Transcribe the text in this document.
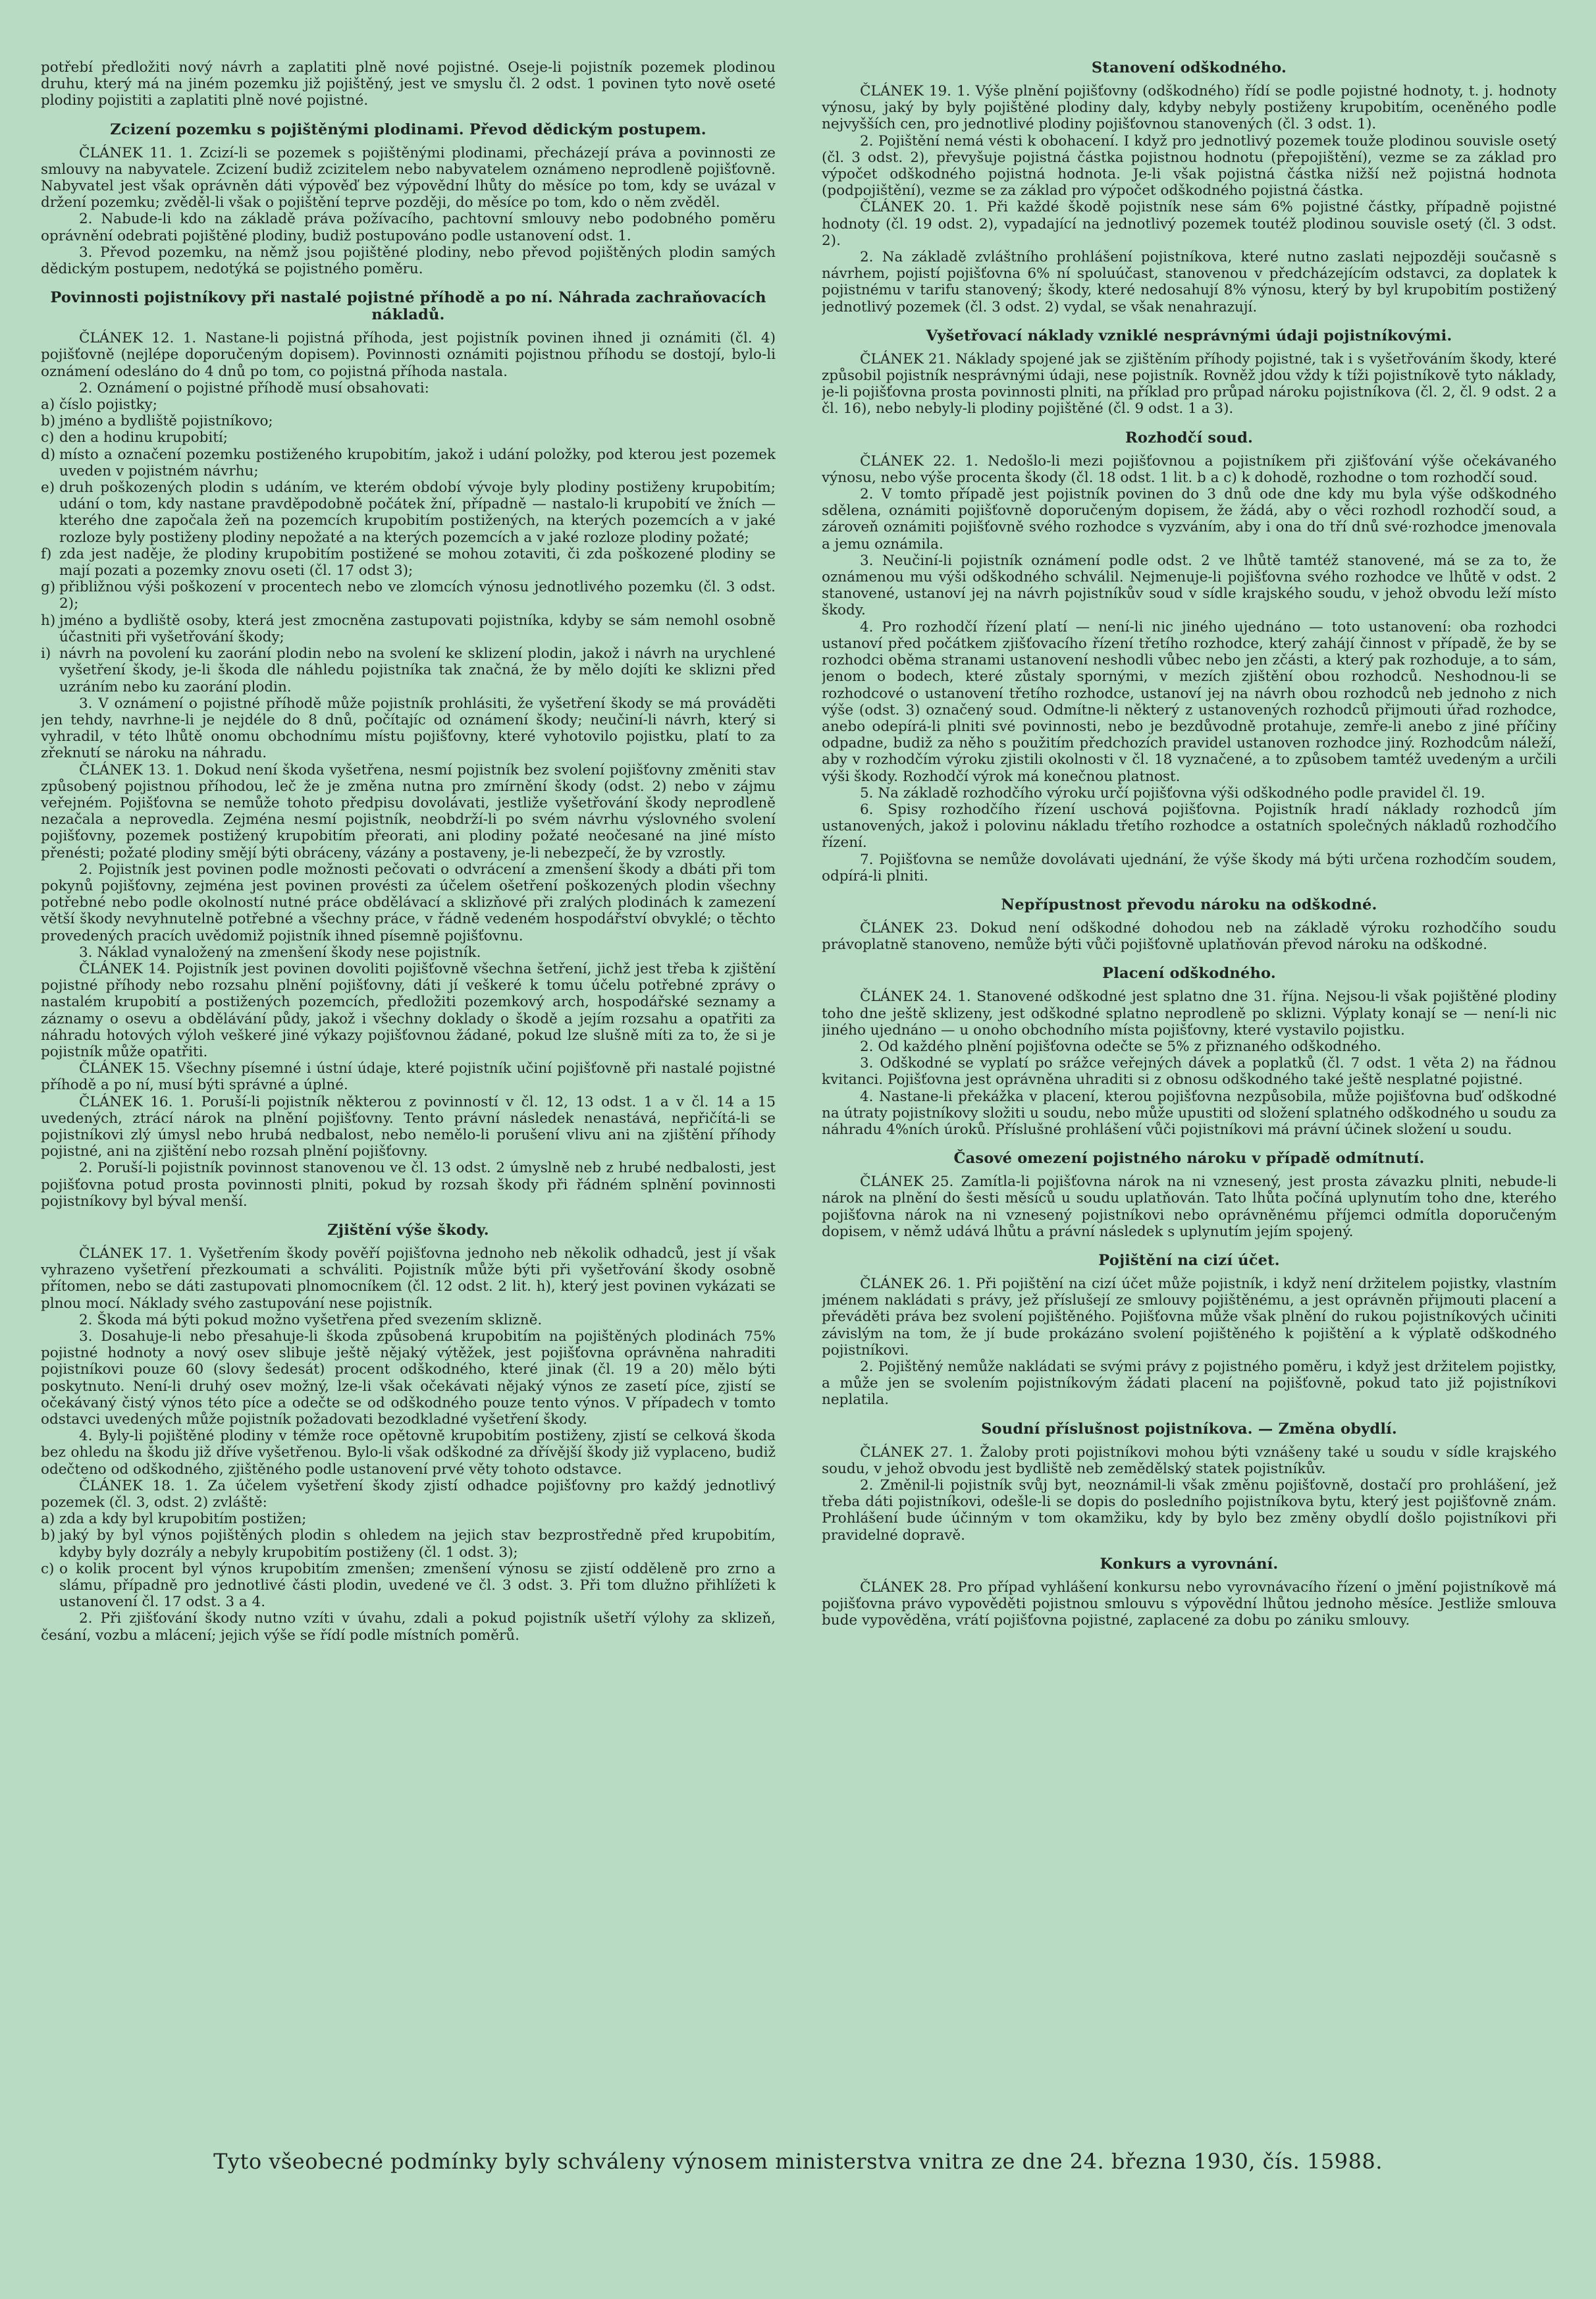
potřebí předložiti nový návrh a zaplatiti plně nové pojistné. Oseje-li pojistník pozemek plodinou druhu, který má na jiném pozemku již pojištěný, jest ve smyslu čl. 2 odst. 1 povinen tyto nově oseté plodiny pojistiti a zaplatiti plně nové pojistné.

Zcizení pozemku s pojištěnými plodinami. Převod dědickým postupem.

ČLÁNEK 11. 1. Zcizí-li se pozemek s pojištěnými plodinami, přecházejí práva a povinnosti ze smlouvy na nabyvatele. Zcizení budiž zcizitelem nebo nabyvatelem oznámeno neprodleně pojišťovně. Nabyvatel jest však oprávněn dáti výpověď bez výpovědní lhůty do měsíce po tom, kdy se uvázal v držení pozemku; zvěděl-li však o pojištění teprve později, do měsíce po tom, kdo o něm zvěděl.

2. Nabude-li kdo na základě práva požívacího, pachtovní smlouvy nebo podobného poměru oprávnění odebrati pojištěné plodiny, budiž postupováno podle ustanovení odst. 1.

3. Převod pozemku, na němž jsou pojištěné plodiny, nebo převod pojištěných plodin samých dědickým postupem, nedotýká se pojistného poměru.

Povinnosti pojistníkovy při nastalé pojistné příhodě a po ní. Náhrada zachraňovacích nákladů.

ČLÁNEK 12. 1. Nastane-li pojistná příhoda, jest pojistník povinen ihned ji oznámiti (čl. 4) pojišťovně (nejlépe doporučeným dopisem). Povinnosti oznámiti pojistnou příhodu se dostojí, bylo-li oznámení odesláno do 4 dnů po tom, co pojistná příhoda nastala.

2. Oznámení o pojistné příhodě musí obsahovati:

a) číslo pojistky;

b) jméno a bydliště pojistníkovo;

c) den a hodinu krupobití;

d) místo a označení pozemku postiženého krupobitím, jakož i udání položky, pod kterou jest pozemek uveden v pojistném návrhu;

e) druh poškozených plodin s udáním, ve kterém období vývoje byly plodiny postiženy krupobitím; udání o tom, kdy nastane pravděpodobně počátek žní, případně — nastalo-li krupobití ve žních — kterého dne započala žeň na pozemcích krupobitím postižených, na kterých pozemcích a v jaké rozloze byly postiženy plodiny nepožaté a na kterých pozemcích a v jaké rozloze plodiny požaté;

f) zda jest naděje, že plodiny krupobitím postižené se mohou zotaviti, či zda poškozené plodiny se mají pozati a pozemky znovu oseti (čl. 17 odst 3);

g) přibližnou výši poškození v procentech nebo ve zlomcích výnosu jednotlivého pozemku (čl. 3 odst. 2);

h) jméno a bydliště osoby, která jest zmocněna zastupovati pojistníka, kdyby se sám nemohl osobně účastniti při vyšetřování škody;

i) návrh na povolení ku zaorání plodin nebo na svolení ke sklizení plodin, jakož i návrh na urychlené vyšetření škody, je-li škoda dle náhledu pojistníka tak značná, že by mělo dojíti ke sklizni před uzráním nebo ku zaorání plodin.

3. V oznámení o pojistné příhodě může pojistník prohlásiti, že vyšetření škody se má prováděti jen tehdy, navrhne-li je nejdéle do 8 dnů, počítajíc od oznámení škody; neučiní-li návrh, který si vyhradil, v této lhůtě onomu obchodnímu místu pojišťovny, které vyhotovilo pojistku, platí to za zřeknutí se nároku na náhradu.

ČLÁNEK 13. 1. Dokud není škoda vyšetřena, nesmí pojistník bez svolení pojišťovny změniti stav způsobený pojistnou příhodou, leč že je změna nutna pro zmírnění škody (odst. 2) nebo v zájmu veřejném. Pojišťovna se nemůže tohoto předpisu dovolávati, jestliže vyšetřování škody neprodleně nezačala a neprovedla. Zejména nesmí pojistník, neobdrží-li po svém návrhu výslovného svolení pojišťovny, pozemek postižený krupobitím přeorati, ani plodiny požaté neočesané na jiné místo přenésti; požaté plodiny smějí býti obráceny, vázány a postaveny, je-li nebezpečí, že by vzrostly.

2. Pojistník jest povinen podle možnosti pečovati o odvrácení a zmenšení škody a dbáti při tom pokynů pojišťovny, zejména jest povinen provésti za účelem ošetření poškozených plodin všechny potřebné nebo podle okolností nutné práce obdělávací a sklizňové při zralých plodinách k zamezení větší škody nevyhnutelně potřebné a všechny práce, v řádně vedeném hospodářství obvyklé; o těchto provedených pracích uvědomiž pojistník ihned písemně pojišťovnu.

3. Náklad vynaložený na zmenšení škody nese pojistník.

ČLÁNEK 14. Pojistník jest povinen dovoliti pojišťovně všechna šetření, jichž jest třeba k zjištění pojistné příhody nebo rozsahu plnění pojišťovny, dáti jí veškeré k tomu účelu potřebné zprávy o nastalém krupobití a postižených pozemcích, předložiti pozemkový arch, hospodářské seznamy a záznamy o osevu a obdělávání půdy, jakož i všechny doklady o škodě a jejím rozsahu a opatřiti za náhradu hotových výloh veškeré jiné výkazy pojišťovnou žádané, pokud lze slušně míti za to, že si je pojistník může opatřiti.

ČLÁNEK 15. Všechny písemné i ústní údaje, které pojistník učiní pojišťovně při nastalé pojistné příhodě a po ní, musí býti správné a úplné.

ČLÁNEK 16. 1. Poruší-li pojistník některou z povinností v čl. 12, 13 odst. 1 a v čl. 14 a 15 uvedených, ztrácí nárok na plnění pojišťovny. Tento právní následek nenastává, nepřičítá-li se pojistníkovi zlý úmysl nebo hrubá nedbalost, nebo nemělo-li porušení vlivu ani na zjištění příhody pojistné, ani na zjištění nebo rozsah plnění pojišťovny.

2. Poruší-li pojistník povinnost stanovenou ve čl. 13 odst. 2 úmyslně neb z hrubé nedbalosti, jest pojišťovna potud prosta povinnosti plniti, pokud by rozsah škody při řádném splnění povinnosti pojistníkovy byl býval menší.

Zjištění výše škody.

ČLÁNEK 17. 1. Vyšetřením škody pověří pojišťovna jednoho neb několik odhadců, jest jí však vyhrazeno vyšetření přezkoumati a schváliti. Pojistník může býti při vyšetřování škody osobně přítomen, nebo se dáti zastupovati plnomocníkem (čl. 12 odst. 2 lit. h), který jest povinen vykázati se plnou mocí. Náklady svého zastupování nese pojistník.

2. Škoda má býti pokud možno vyšetřena před svezením sklizně.

3. Dosahuje-li nebo přesahuje-li škoda způsobená krupobitím na pojištěných plodinách 75% pojistné hodnoty a nový osev slibuje ještě nějaký výtěžek, jest pojišťovna oprávněna nahraditi pojistníkovi pouze 60 (slovy šedesát) procent odškodného, které jinak (čl. 19 a 20) mělo býti poskytnuto. Není-li druhý osev možný, lze-li však očekávati nějaký výnos ze zasetí píce, zjistí se očekávaný čistý výnos této píce a odečte se od odškodného pouze tento výnos. V případech v tomto odstavci uvedených může pojistník požadovati bezodkladné vyšetření škody.

4. Byly-li pojištěné plodiny v témže roce opětovně krupobitím postiženy, zjistí se celková škoda bez ohledu na škodu již dříve vyšetřenou. Bylo-li však odškodné za dřívější škody již vyplaceno, budiž odečteno od odškodného, zjištěného podle ustanovení prvé věty tohoto odstavce.

ČLÁNEK 18. 1. Za účelem vyšetření škody zjistí odhadce pojišťovny pro každý jednotlivý pozemek (čl. 3, odst. 2) zvláště:

a) zda a kdy byl krupobitím postižen;

b) jaký by byl výnos pojištěných plodin s ohledem na jejich stav bezprostředně před krupobitím, kdyby byly dozrály a nebyly krupobitím postiženy (čl. 1 odst. 3);

c) o kolik procent byl výnos krupobitím zmenšen; zmenšení výnosu se zjistí odděleně pro zrno a slámu, případně pro jednotlivé části plodin, uvedené ve čl. 3 odst. 3. Při tom dlužno přihlížeti k ustanovení čl. 17 odst. 3 a 4.

2. Při zjišťování škody nutno vzíti v úvahu, zdali a pokud pojistník ušetří výlohy za sklizeň, česání, vozbu a mlácení; jejich výše se řídí podle místních poměrů.

Stanovení odškodného.

ČLÁNEK 19. 1. Výše plnění pojišťovny (odškodného) řídí se podle pojistné hodnoty, t. j. hodnoty výnosu, jaký by byly pojištěné plodiny daly, kdyby nebyly postiženy krupobitím, oceněného podle nejvyšších cen, pro jednotlivé plodiny pojišťovnou stanovených (čl. 3 odst. 1).

2. Pojištění nemá vésti k obohacení. I když pro jednotlivý pozemek touže plodinou souvisle osetý (čl. 3 odst. 2), převyšuje pojistná částka pojistnou hodnotu (přepojištění), vezme se za základ pro výpočet odškodného pojistná hodnota. Je-li však pojistná částka nižší než pojistná hodnota (podpojištění), vezme se za základ pro výpočet odškodného pojistná částka.

ČLÁNEK 20. 1. Při každé škodě pojistník nese sám 6% pojistné částky, případně pojistné hodnoty (čl. 19 odst. 2), vypadající na jednotlivý pozemek toutéž plodinou souvisle osetý (čl. 3 odst. 2).

2. Na základě zvláštního prohlášení pojistníkova, které nutno zaslati nejpozději současně s návrhem, pojistí pojišťovna 6% ní spoluúčast, stanovenou v předcházejícím odstavci, za doplatek k pojistnému v tarifu stanovený; škody, které nedosahují 8% výnosu, který by byl krupobitím postižený jednotlivý pozemek (čl. 3 odst. 2) vydal, se však nenahrazují.

Vyšetřovací náklady vzniklé nesprávnými údaji pojistníkovými.

ČLÁNEK 21. Náklady spojené jak se zjištěním příhody pojistné, tak i s vyšetřováním škody, které způsobil pojistník nesprávnými údaji, nese pojistník. Rovněž jdou vždy k tíži pojistníkově tyto náklady, je-li pojišťovna prosta povinnosti plniti, na příklad pro průpad nároku pojistníkova (čl. 2, čl. 9 odst. 2 a čl. 16), nebo nebyly-li plodiny pojištěné (čl. 9 odst. 1 a 3).

Rozhodčí soud.

ČLÁNEK 22. 1. Nedošlo-li mezi pojišťovnou a pojistníkem při zjišťování výše očekávaného výnosu, nebo výše procenta škody (čl. 18 odst. 1 lit. b a c) k dohodě, rozhodne o tom rozhodčí soud.

2. V tomto případě jest pojistník povinen do 3 dnů ode dne kdy mu byla výše odškodného sdělena, oznámiti pojišťovně doporučeným dopisem, že žádá, aby o věci rozhodl rozhodčí soud, a zároveň oznámiti pojišťovně svého rozhodce s vyzváním, aby i ona do tří dnů své·rozhodce jmenovala a jemu oznámila.

3. Neučiní-li pojistník oznámení podle odst. 2 ve lhůtě tamtéž stanovené, má se za to, že oznámenou mu výši odškodného schválil. Nejmenuje-li pojišťovna svého rozhodce ve lhůtě v odst. 2 stanovené, ustanoví jej na návrh pojistníkův soud v sídle krajského soudu, v jehož obvodu leží místo škody.

4. Pro rozhodčí řízení platí — není-li nic jiného ujednáno — toto ustanovení: oba rozhodci ustanoví před počátkem zjišťovacího řízení třetího rozhodce, který zahájí činnost v případě, že by se rozhodci oběma stranami ustanovení neshodli vůbec nebo jen zčásti, a který pak rozhoduje, a to sám, jenom o bodech, které zůstaly spornými, v mezích zjištění obou rozhodců. Neshodnou-li se rozhodcové o ustanovení třetího rozhodce, ustanoví jej na návrh obou rozhodců neb jednoho z nich výše (odst. 3) označený soud. Odmítne-li některý z ustanovených rozhodců přijmouti úřad rozhodce, anebo odepírá-li plniti své povinnosti, nebo je bezdůvodně protahuje, zemře-li anebo z jiné příčiny odpadne, budiž za něho s použitím předchozích pravidel ustanoven rozhodce jiný. Rozhodcům náleží, aby v rozhodčím výroku zjistili okolnosti v čl. 18 vyznačené, a to způsobem tamtéž uvedeným a určili výši škody. Rozhodčí výrok má konečnou platnost.

5. Na základě rozhodčího výroku určí pojišťovna výši odškodného podle pravidel čl. 19.

6. Spisy rozhodčího řízení uschová pojišťovna. Pojistník hradí náklady rozhodců jím ustanovených, jakož i polovinu nákladu třetího rozhodce a ostatních společných nákladů rozhodčího řízení.

7. Pojišťovna se nemůže dovolávati ujednání, že výše škody má býti určena rozhodčím soudem, odpírá-li plniti.

Nepřípustnost převodu nároku na odškodné.

ČLÁNEK 23. Dokud není odškodné dohodou neb na základě výroku rozhodčího soudu právoplatně stanoveno, nemůže býti vůči pojišťovně uplatňován převod nároku na odškodné.

Placení odškodného.

ČLÁNEK 24. 1. Stanovené odškodné jest splatno dne 31. října. Nejsou-li však pojištěné plodiny toho dne ještě sklizeny, jest odškodné splatno neprodleně po sklizni. Výplaty konají se — není-li nic jiného ujednáno — u onoho obchodního místa pojišťovny, které vystavilo pojistku.

2. Od každého plnění pojišťovna odečte se 5% z přiznaného odškodného.

3. Odškodné se vyplatí po srážce veřejných dávek a poplatků (čl. 7 odst. 1 věta 2) na řádnou kvitanci. Pojišťovna jest oprávněna uhraditi si z obnosu odškodného také ještě nesplatné pojistné.

4. Nastane-li překážka v placení, kterou pojišťovna nezpůsobila, může pojišťovna buď odškodné na útraty pojistníkovy složiti u soudu, nebo může upustiti od složení splatného odškodného u soudu za náhradu 4%ních úroků. Příslušné prohlášení vůči pojistníkovi má právní účinek složení u soudu.

Časové omezení pojistného nároku v případě odmítnutí.

ČLÁNEK 25. Zamítla-li pojišťovna nárok na ni vznesený, jest prosta závazku plniti, nebude-li nárok na plnění do šesti měsíců u soudu uplatňován. Tato lhůta počíná uplynutím toho dne, kterého pojišťovna nárok na ni vznesený pojistníkovi nebo oprávněnému příjemci odmítla doporučeným dopisem, v němž udává lhůtu a právní následek s uplynutím jejím spojený.

Pojištění na cizí účet.

ČLÁNEK 26. 1. Při pojištění na cizí účet může pojistník, i když není držitelem pojistky, vlastním jménem nakládati s právy, jež příslušejí ze smlouvy pojištěnému, a jest oprávněn přijmouti placení a převáděti práva bez svolení pojištěného. Pojišťovna může však plnění do rukou pojistníkových učiniti závislým na tom, že jí bude prokázáno svolení pojištěného k pojištění a k výplatě odškodného pojistníkovi.

2. Pojištěný nemůže nakládati se svými právy z pojistného poměru, i když jest držitelem pojistky, a může jen se svolením pojistníkovým žádati placení na pojišťovně, pokud tato již pojistníkovi neplatila.

Soudní příslušnost pojistníkova. — Změna obydlí.

ČLÁNEK 27. 1. Žaloby proti pojistníkovi mohou býti vznášeny také u soudu v sídle krajského soudu, v jehož obvodu jest bydliště neb zemědělský statek pojistníkův.

2. Změnil-li pojistník svůj byt, neoznámil-li však změnu pojišťovně, dostačí pro prohlášení, jež třeba dáti pojistníkovi, odešle-li se dopis do posledního pojistníkova bytu, který jest pojišťovně znám. Prohlášení bude účinným v tom okamžiku, kdy by bylo bez změny obydlí došlo pojistníkovi při pravidelné dopravě.

Konkurs a vyrovnání.

ČLÁNEK 28. Pro případ vyhlášení konkursu nebo vyrovnávacího řízení o jmění pojistníkově má pojišťovna právo vypověděti pojistnou smlouvu s výpovědní lhůtou jednoho měsíce. Jestliže smlouva bude vypověděna, vrátí pojišťovna pojistné, zaplacené za dobu po zániku smlouvy.

Tyto všeobecné podmínky byly schváleny výnosem ministerstva vnitra ze dne 24. března 1930, čís. 15988.
